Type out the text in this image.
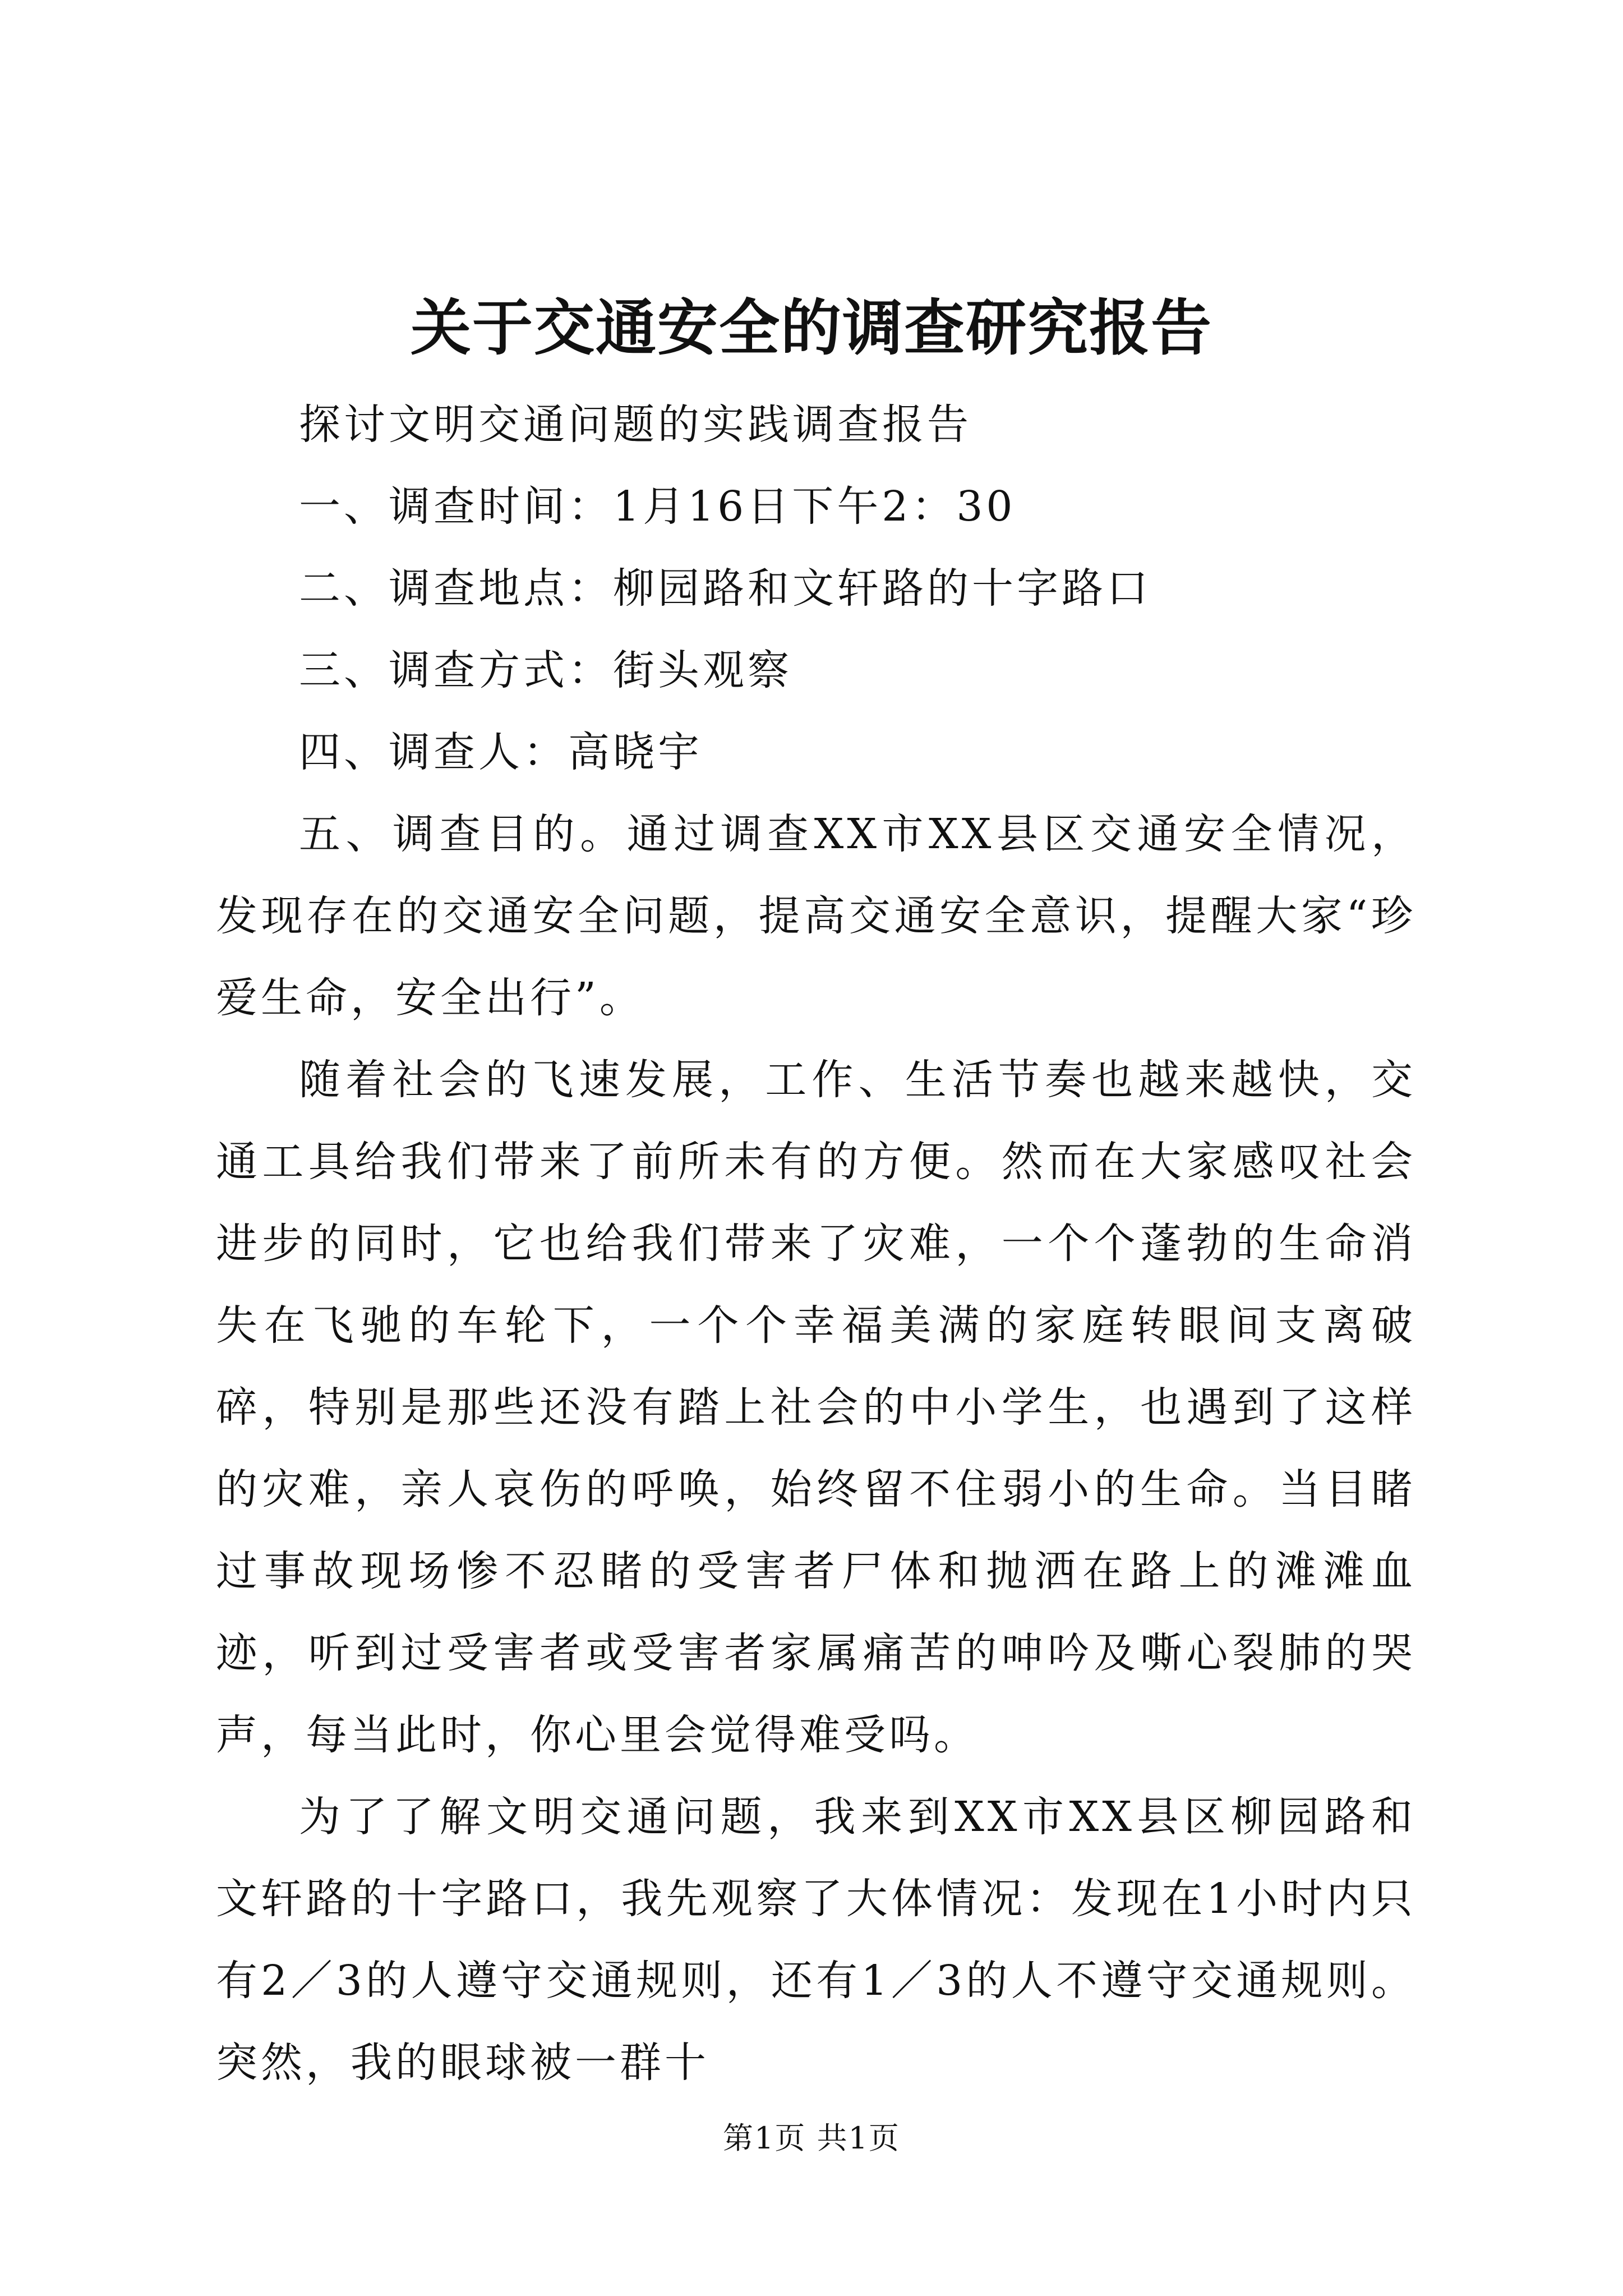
关于交通安全的调查研究报告

探讨文明交通问题的实践调查报告

一、调查时间：1月16日下午2：30

二、调查地点：柳园路和文轩路的十字路口

三、调查方式：街头观察

四、调查人：高晓宇

五、调查目的。通过调查XX市XX县区交通安全情况，发现存在的交通安全问题，提高交通安全意识，提醒大家“珍爱生命，安全出行”。

随着社会的飞速发展，工作、生活节奏也越来越快，交通工具给我们带来了前所未有的方便。然而在大家感叹社会进步的同时，它也给我们带来了灾难，一个个蓬勃的生命消失在飞驰的车轮下，一个个幸福美满的家庭转眼间支离破碎，特别是那些还没有踏上社会的中小学生，也遇到了这样的灾难，亲人哀伤的呼唤，始终留不住弱小的生命。当目睹过事故现场惨不忍睹的受害者尸体和抛洒在路上的滩滩血迹，听到过受害者或受害者家属痛苦的呻吟及嘶心裂肺的哭声，每当此时，你心里会觉得难受吗。

为了了解文明交通问题，我来到XX市XX县区柳园路和文轩路的十字路口，我先观察了大体情况：发现在1小时内只有2／3的人遵守交通规则，还有1／3的人不遵守交通规则。突然，我的眼球被一群十

第1页 共1页
